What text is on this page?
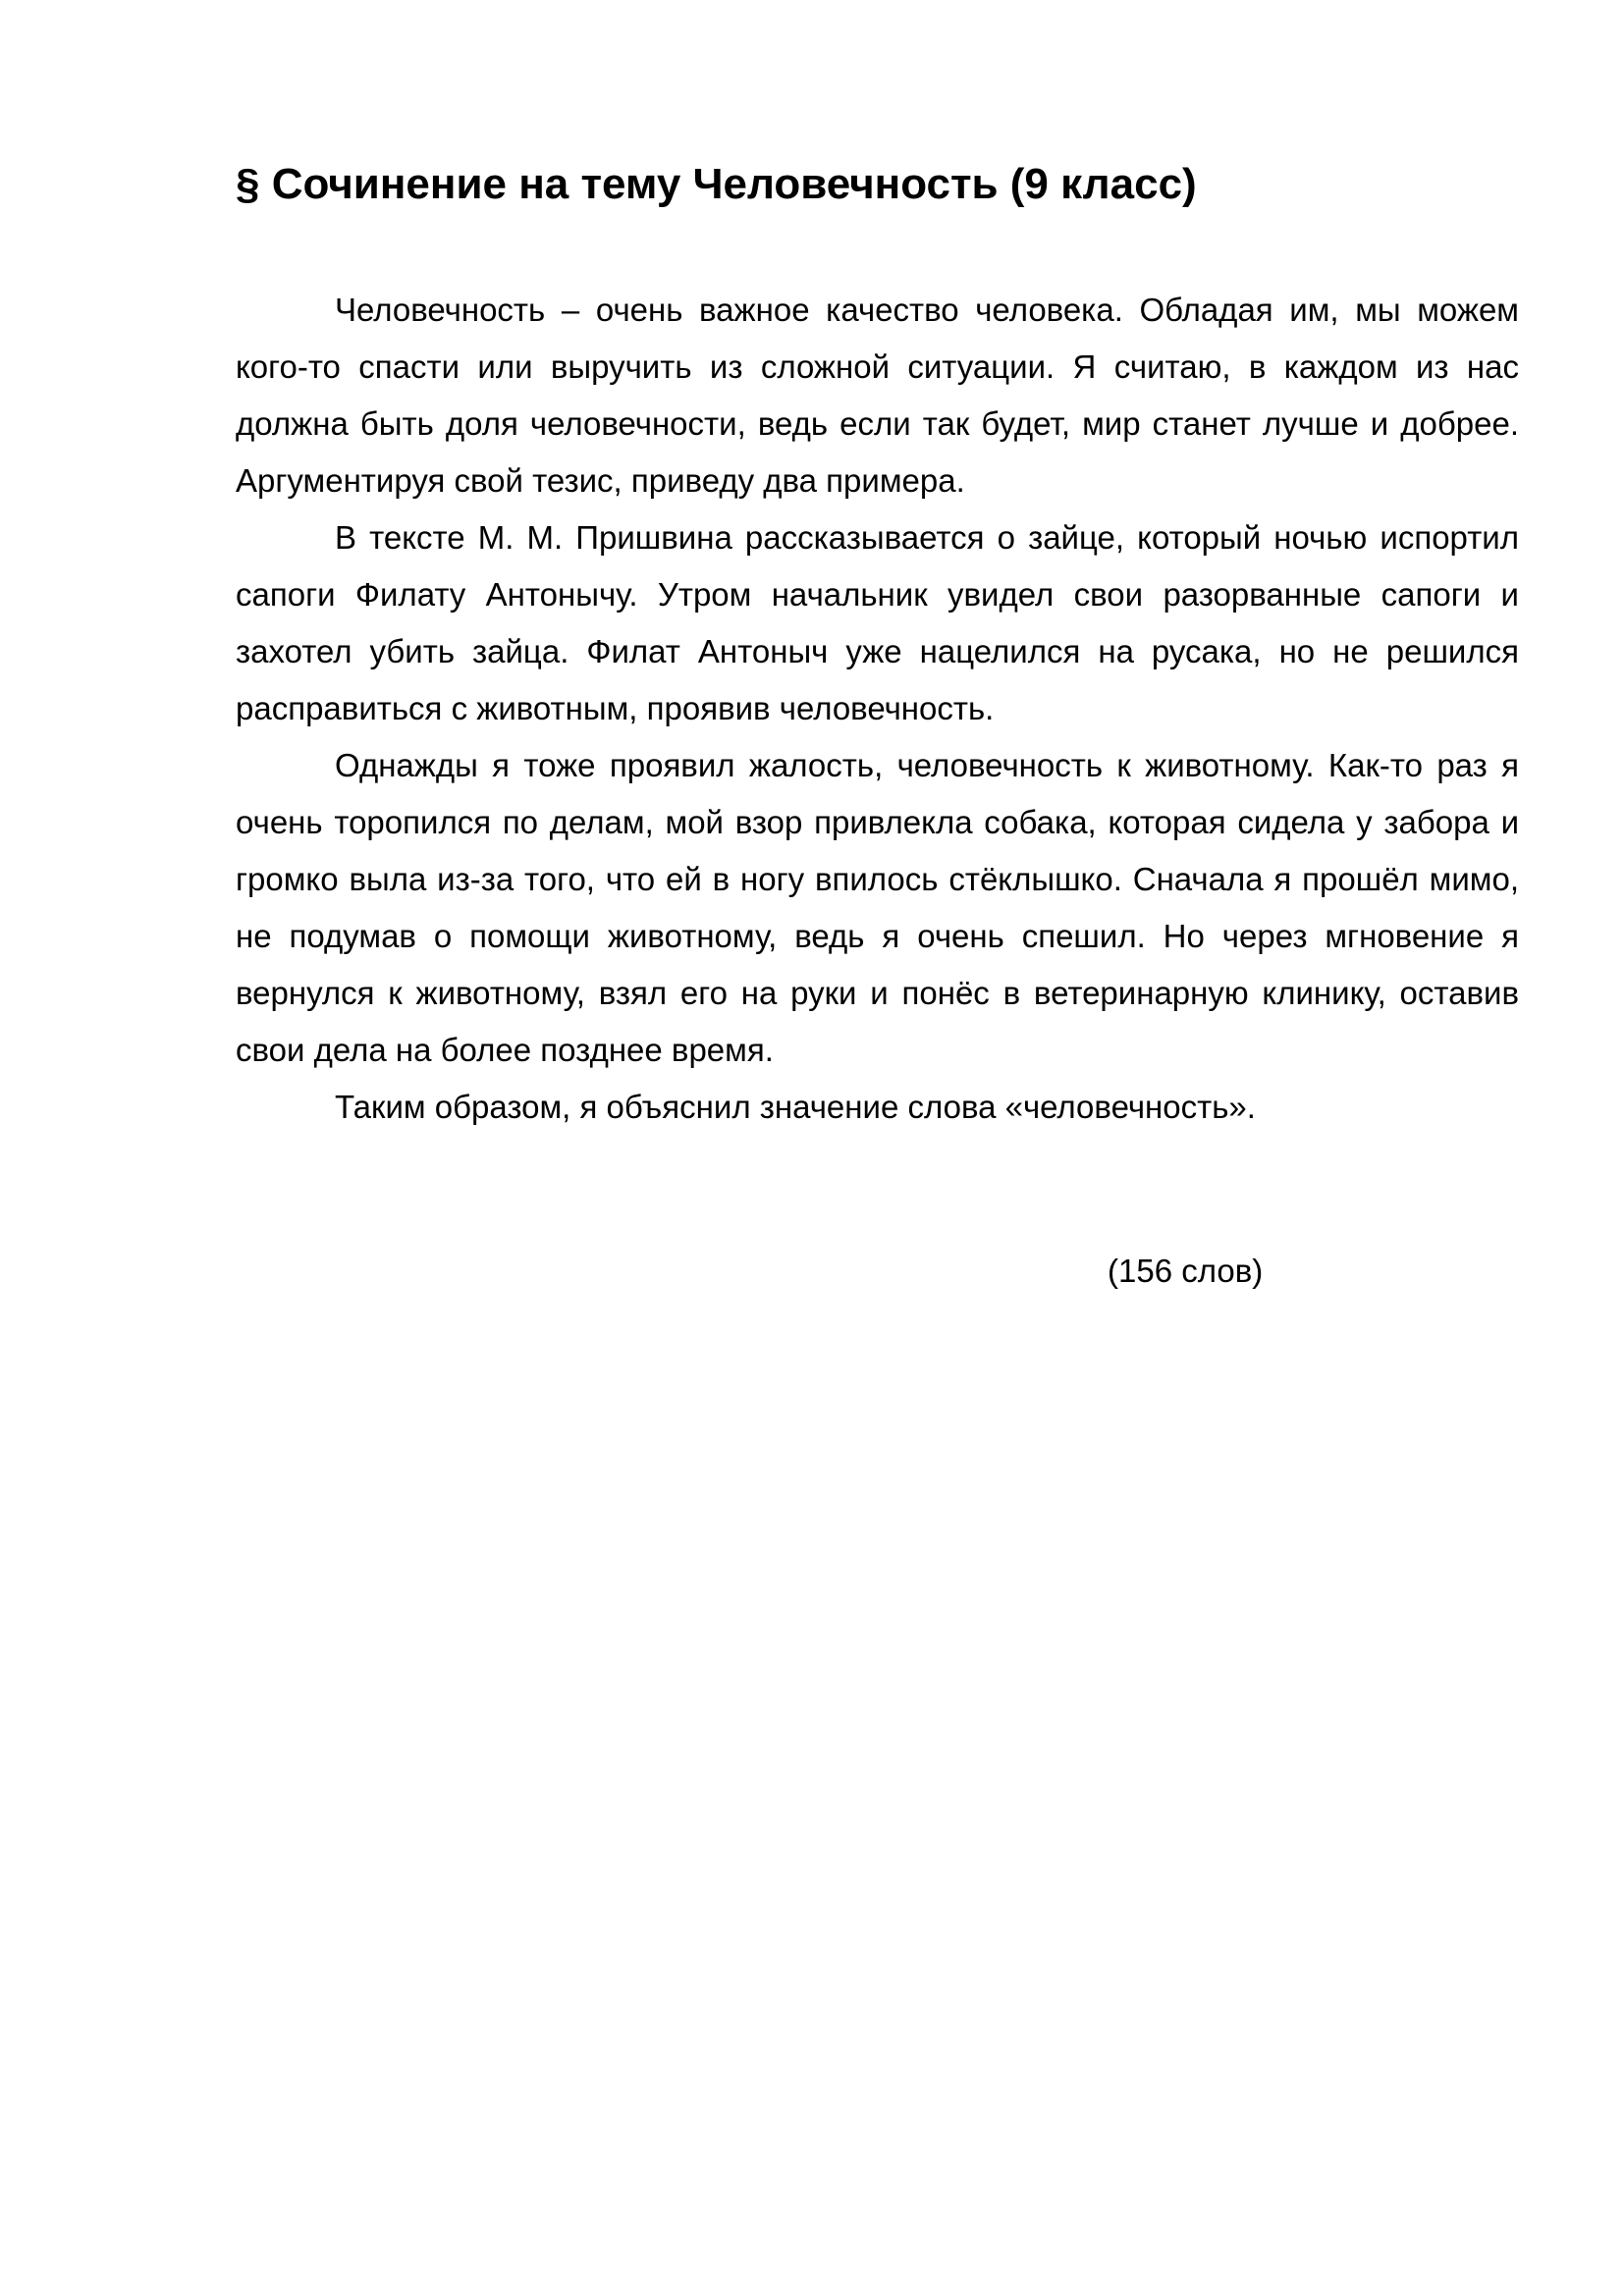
§ Сочинение на тему Человечность (9 класс)

Человечность – очень важное качество человека. Обладая им, мы можем кого-то спасти или выручить из сложной ситуации. Я считаю, в каждом из нас должна быть доля человечности, ведь если так будет, мир станет лучше и добрее. Аргументируя свой тезис, приведу два примера.

В тексте М. М. Пришвина рассказывается о зайце, который ночью испортил сапоги Филату Антонычу. Утром начальник увидел свои разорванные сапоги и захотел убить зайца. Филат Антоныч уже нацелился на русака, но не решился расправиться с животным, проявив человечность.

Однажды я тоже проявил жалость, человечность к животному. Как-то раз я очень торопился по делам, мой взор привлекла собака, которая сидела у забора и громко выла из-за того, что ей в ногу впилось стёклышко. Сначала я прошёл мимо, не подумав о помощи животному, ведь я очень спешил. Но через мгновение я вернулся к животному, взял его на руки и понёс в ветеринарную клинику, оставив свои дела на более позднее время.

Таким образом, я объяснил значение слова «человечность».

(156 слов)
